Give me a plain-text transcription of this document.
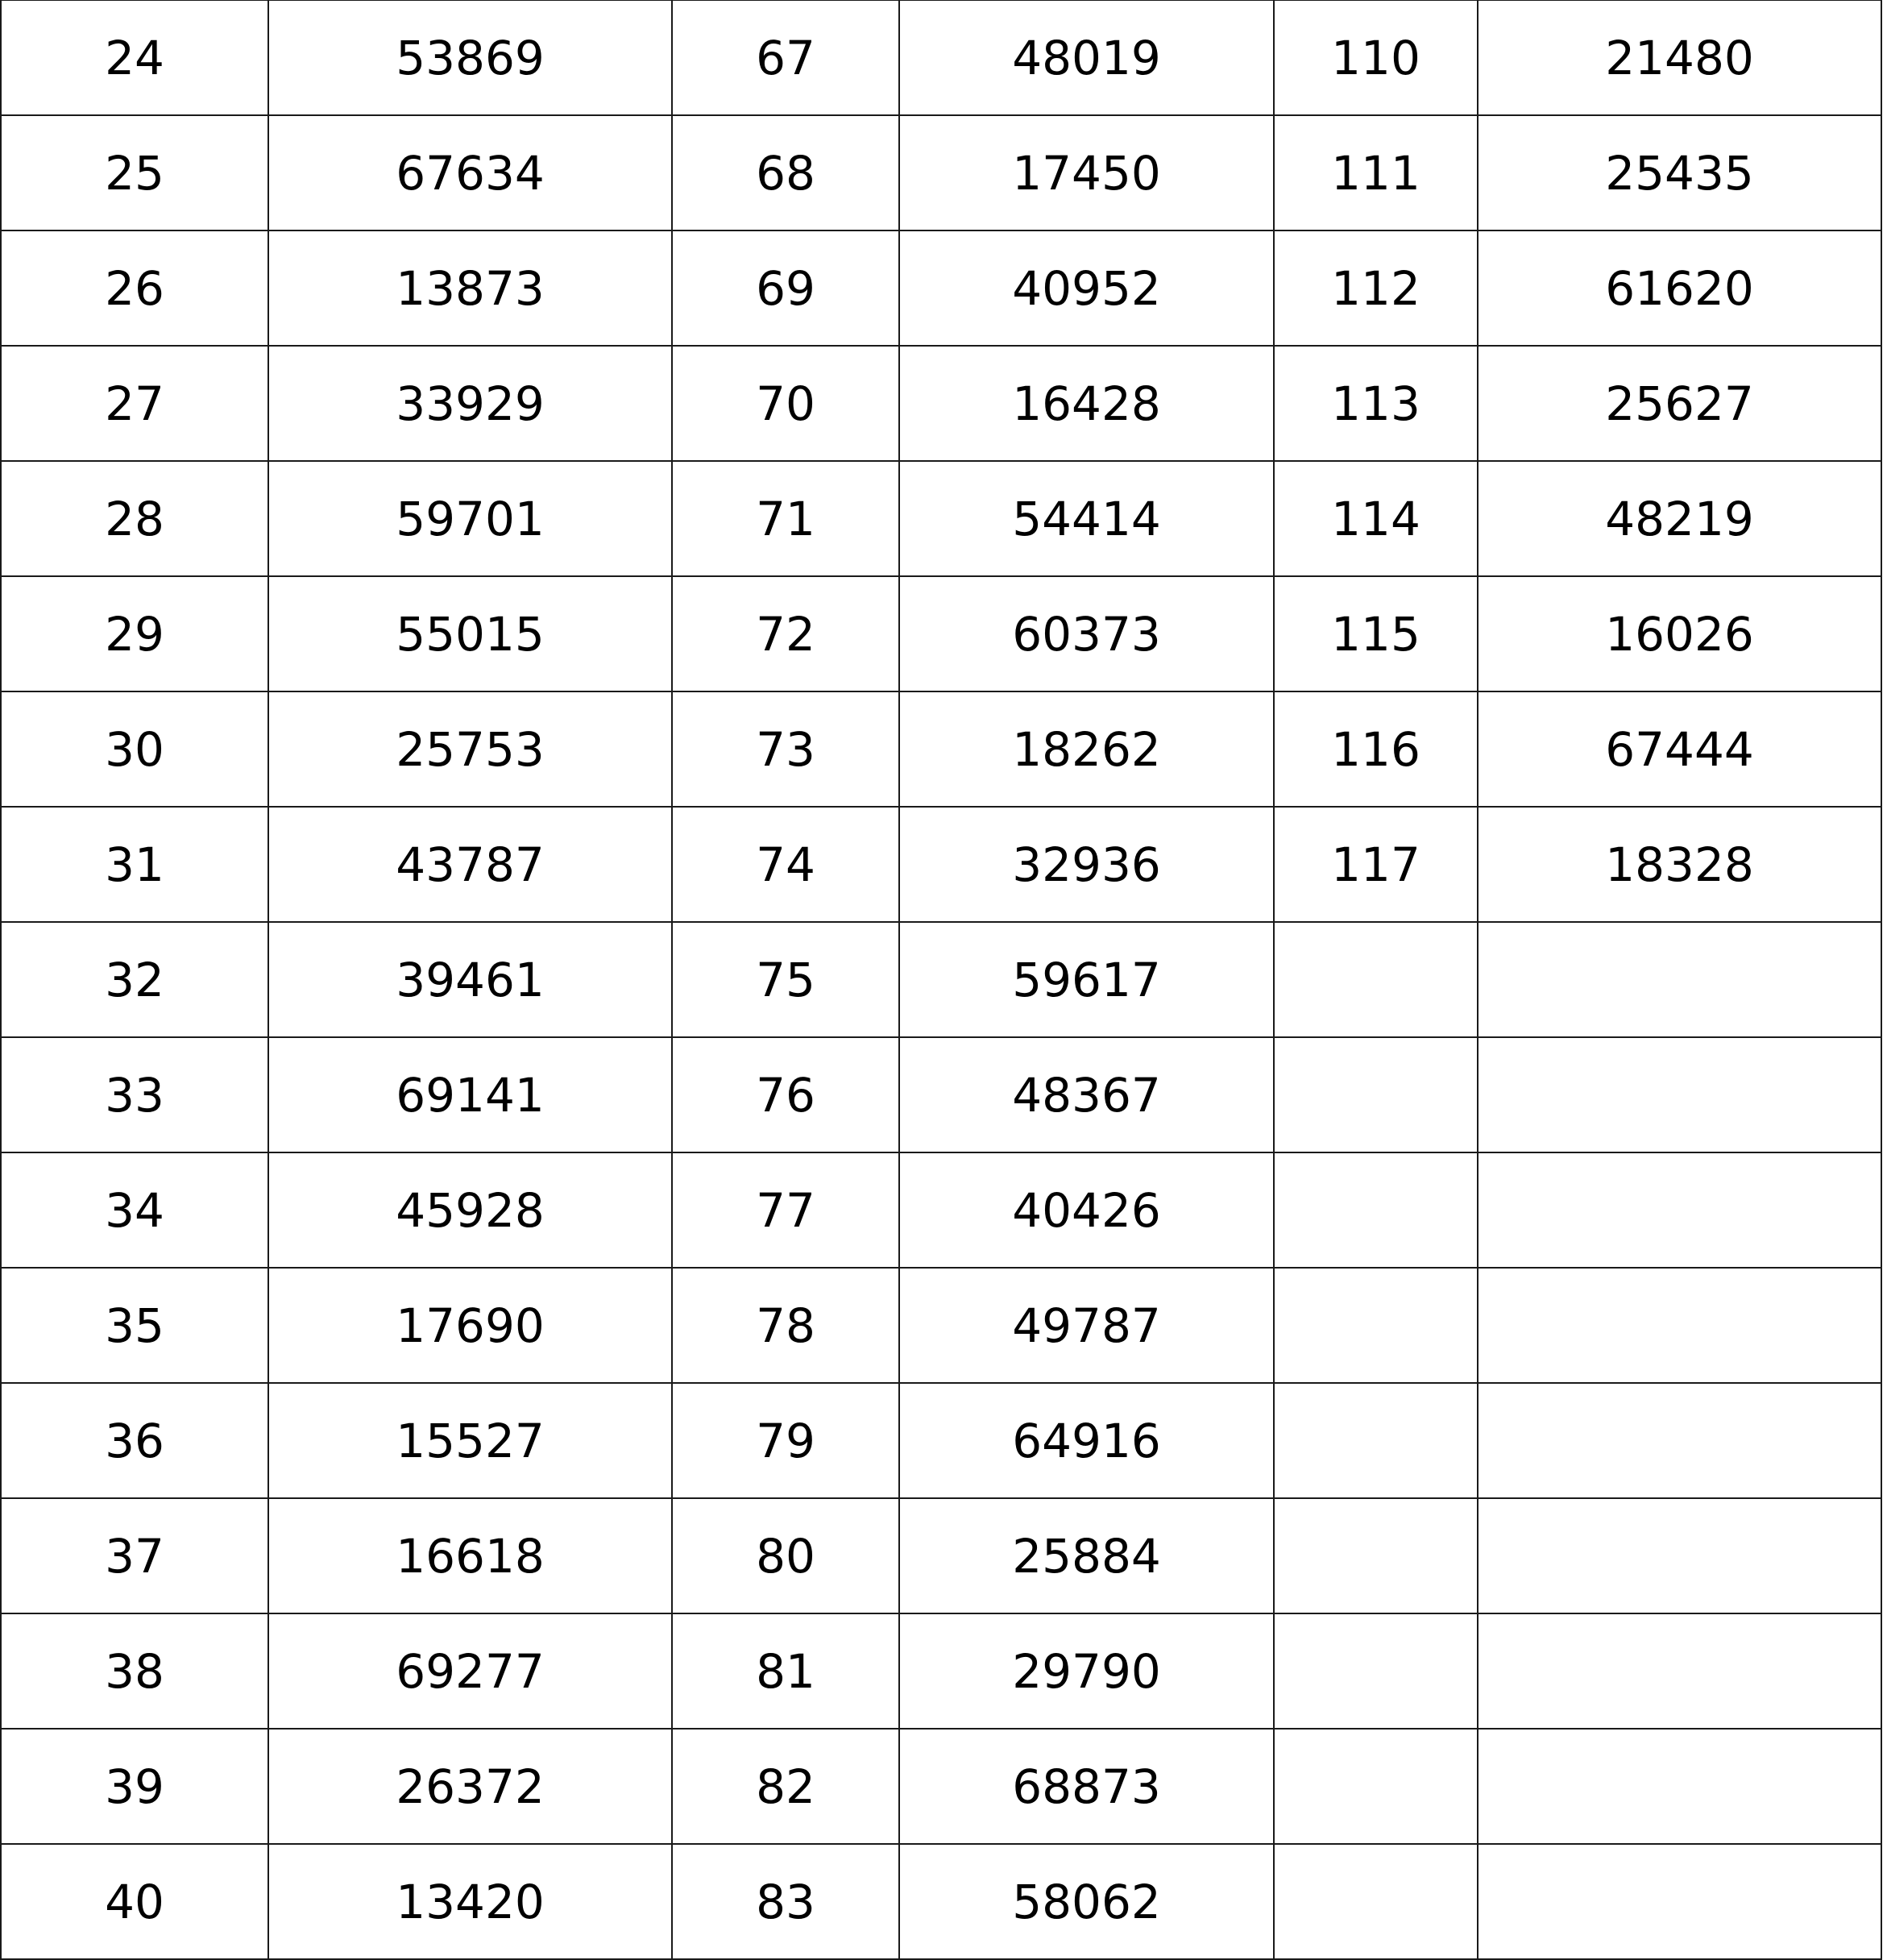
24	53869	67	48019	110	21480	
25	67634	68	17450	111	25435	
26	13873	69	40952	112	61620	
27	33929	70	16428	113	25627	
28	59701	71	54414	114	48219	
29	55015	72	60373	115	16026	
30	25753	73	18262	116	67444	
31	43787	74	32936	117	18328	
32	39461	75	59617			
33	69141	76	48367			
34	45928	77	40426			
35	17690	78	49787			
36	15527	79	64916			
37	16618	80	25884			
38	69277	81	29790			
39	26372	82	68873			
40	13420	83	58062			
